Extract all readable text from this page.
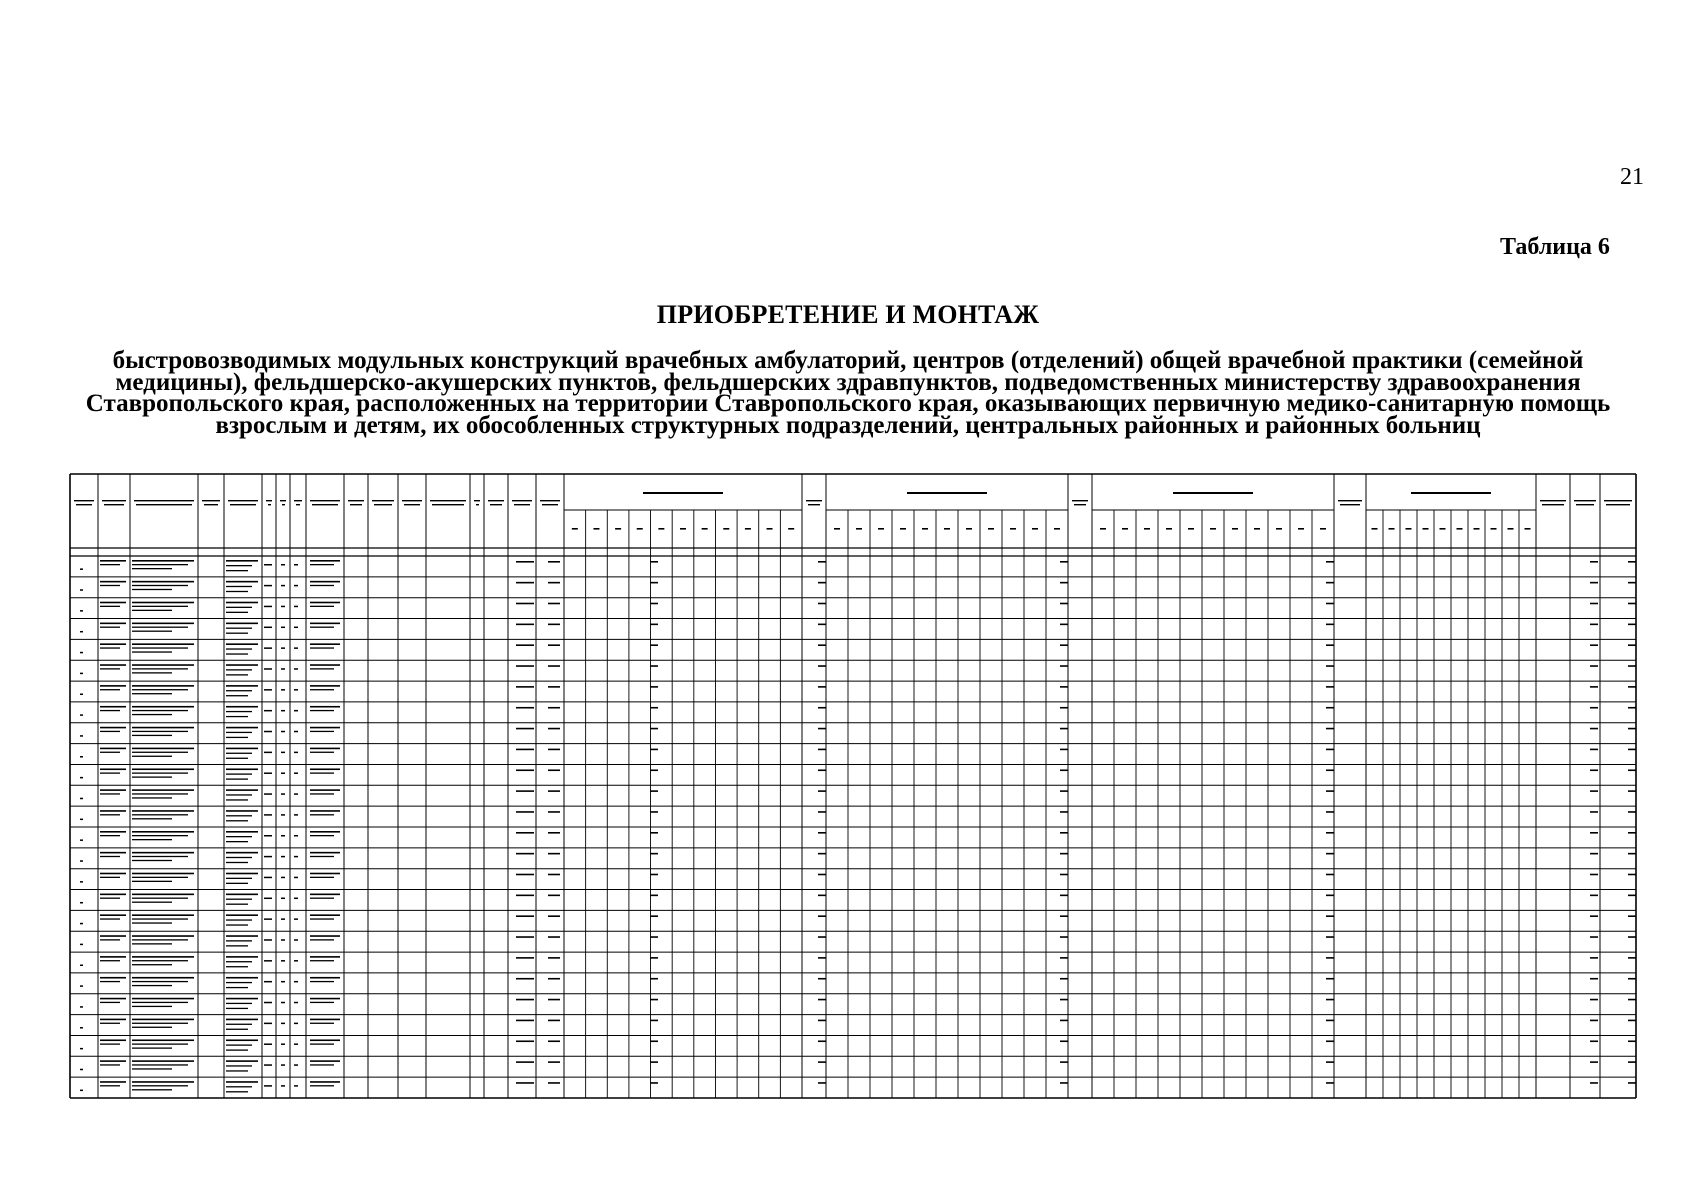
21
Таблица 6
ПРИОБРЕТЕНИЕ И МОНТАЖ
быстровозводимых модульных конструкций врачебных амбулаторий, центров (отделений) общей врачебной практики (семейной медицины), фельдшерско-акушерских пунктов, фельдшерских здравпунктов, подведомственных министерству здравоохранения Ставропольского края, расположенных на территории Ставропольского края, оказывающих первичную медико-санитарную помощь взрослым и детям, их обособленных структурных подразделений, центральных районных и районных больниц
